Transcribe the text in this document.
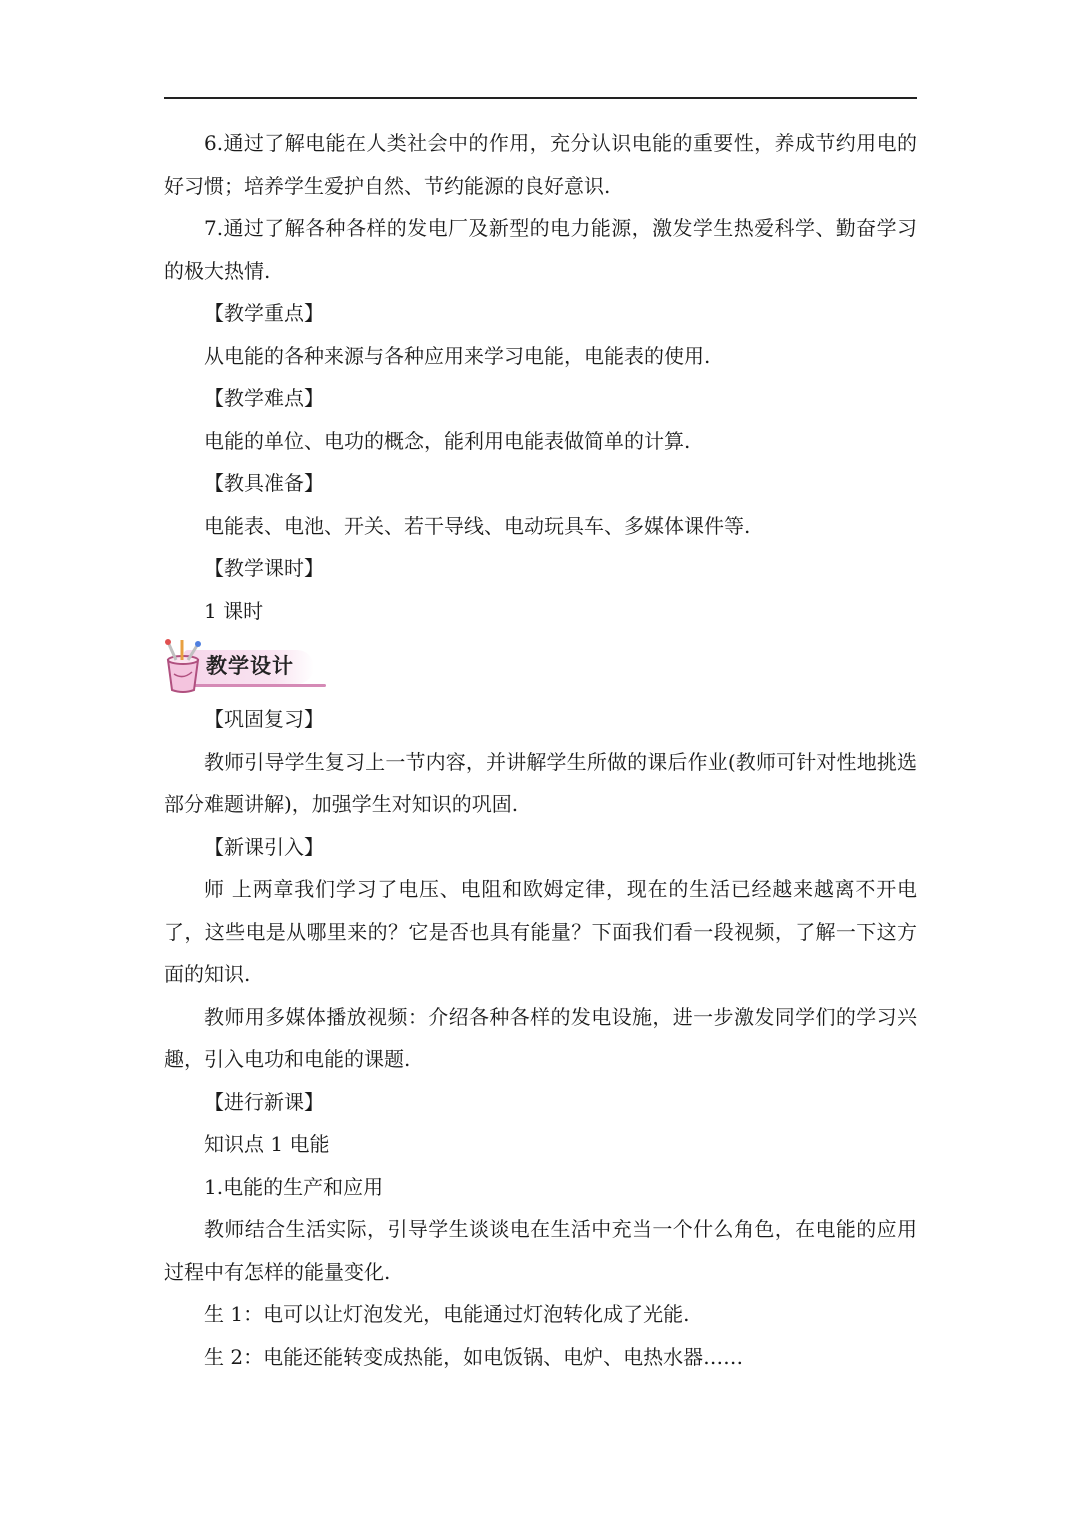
6.通过了解电能在人类社会中的作用，充分认识电能的重要性，养成节约用电的好习惯；培养学生爱护自然、节约能源的良好意识.

7.通过了解各种各样的发电厂及新型的电力能源，激发学生热爱科学、勤奋学习的极大热情.

【教学重点】

从电能的各种来源与各种应用来学习电能，电能表的使用.

【教学难点】

电能的单位、电功的概念，能利用电能表做简单的计算.

【教具准备】

电能表、电池、开关、若干导线、电动玩具车、多媒体课件等.

【教学课时】

1 课时

教学设计

【巩固复习】

教师引导学生复习上一节内容，并讲解学生所做的课后作业(教师可针对性地挑选部分难题讲解)，加强学生对知识的巩固.

【新课引入】

师 上两章我们学习了电压、电阻和欧姆定律，现在的生活已经越来越离不开电了，这些电是从哪里来的？它是否也具有能量？下面我们看一段视频，了解一下这方面的知识.

教师用多媒体播放视频：介绍各种各样的发电设施，进一步激发同学们的学习兴趣，引入电功和电能的课题.

【进行新课】

知识点 1 电能

1.电能的生产和应用

教师结合生活实际，引导学生谈谈电在生活中充当一个什么角色，在电能的应用过程中有怎样的能量变化.

生 1：电可以让灯泡发光，电能通过灯泡转化成了光能.

生 2：电能还能转变成热能，如电饭锅、电炉、电热水器……
